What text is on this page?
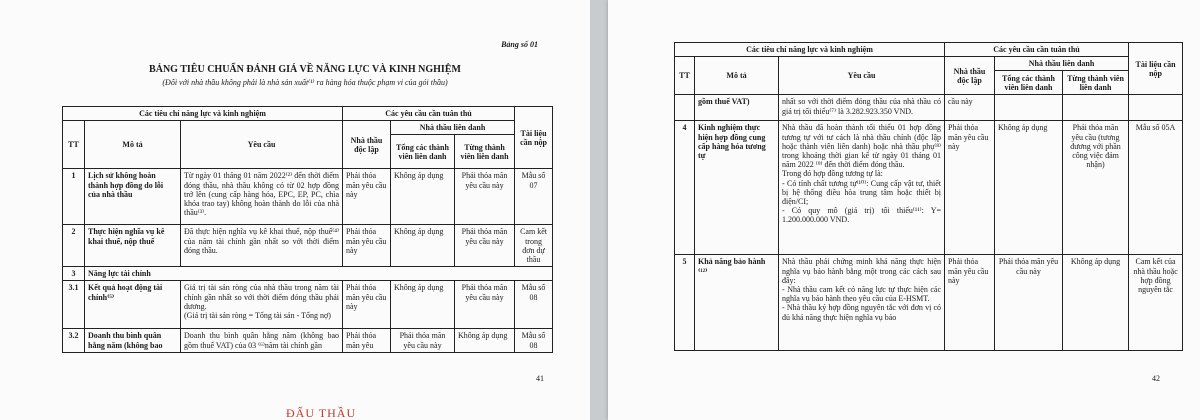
Bảng số 01
BẢNG TIÊU CHUẨN ĐÁNH GIÁ VỀ NĂNG LỰC VÀ KINH NGHIỆM
(Đối với nhà thầu không phải là nhà sản xuất⁽¹⁾ ra hàng hóa thuộc phạm vi của gói thầu)
Các tiêu chí năng lực và kinh nghiệm			Các yêu cầu cần tuân thủ			Tài liệu cần nộp
TT	Mô tả	Yêu cầu	Nhà thầu độc lập	Nhà thầu liên danh		
				Tổng các thành viên liên danh	Từng thành viên liên danh	
1	Lịch sử không hoàn thành hợp đồng do lỗi của nhà thầu	Từ ngày 01 tháng 01 năm 2022⁽²⁾ đến thời điểm đóng thầu, nhà thầu không có từ 02 hợp đồng trở lên (cung cấp hàng hóa, EPC, EP, PC, chìa khóa trao tay) không hoàn thành do lỗi của nhà thầu⁽³⁾.	Phải thỏa mãn yêu cầu này	Không áp dụng	Phải thỏa mãn yêu cầu này	Mẫu số 07
2	Thực hiện nghĩa vụ kê khai thuế, nộp thuế	Đã thực hiện nghĩa vụ kê khai thuế, nộp thuế⁽⁴⁾ của năm tài chính gần nhất so với thời điểm đóng thầu.	Phải thỏa mãn yêu cầu này	Không áp dụng	Phải thỏa mãn yêu cầu này	Cam kết trong đơn dự thầu
3	Năng lực tài chính					
3.1	Kết quả hoạt động tài chính⁽⁵⁾	Giá trị tài sản ròng của nhà thầu trong năm tài chính gần nhất so với thời điểm đóng thầu phải dương.
(Giá trị tài sản ròng = Tổng tài sản - Tổng nợ)	Phải thỏa mãn yêu cầu này	Không áp dụng	Phải thỏa mãn yêu cầu này	Mẫu số 08
3.2	Doanh thu bình quân hằng năm (không bao	Doanh thu bình quân hằng năm (không bao gồm thuế VAT) của 03 ⁽⁶⁾năm tài chính gần	Phải thỏa mãn yêu	Phải thỏa mãn yêu cầu này	Không áp dụng	Mẫu số 08
41
ĐẤU THẦU
Các tiêu chí năng lực và kinh nghiệm			Các yêu cầu cần tuân thủ			Tài liệu cần nộp
TT	Mô tả	Yêu cầu	Nhà thầu độc lập	Nhà thầu liên danh		
				Tổng các thành viên liên danh	Từng thành viên liên danh	
	gồm thuế VAT)	nhất so với thời điểm đóng thầu của nhà thầu có giá trị tối thiểu⁽⁷⁾ là 3.282.923.350 VND.	cầu này			
4	Kinh nghiệm thực hiện hợp đồng cung cấp hàng hóa tương tự	Nhà thầu đã hoàn thành tối thiểu 01 hợp đồng tương tự với tư cách là nhà thầu chính (độc lập hoặc thành viên liên danh) hoặc nhà thầu phụ⁽⁸⁾ trong khoảng thời gian kể từ ngày 01 tháng 01 năm 2022 ⁽⁹⁾ đến thời điểm đóng thầu.
Trong đó hợp đồng tương tự là:
- Có tính chất tương tự⁽¹⁰⁾: Cung cấp vật tư, thiết bị hệ thống điều hòa trung tâm hoặc thiết bị điện/CI;
- Có quy mô (giá trị) tối thiểu⁽¹¹⁾: Y= 1.200.000.000 VND.	Phải thỏa mãn yêu cầu này	Không áp dụng	Phải thỏa mãn yêu cầu (tương đương với phần công việc đảm nhận)	Mẫu số 05A
5	Khả năng bảo hành ⁽¹²⁾	Nhà thầu phải chứng minh khả năng thực hiện nghĩa vụ bảo hành bằng một trong các cách sau đây:
- Nhà thầu cam kết có năng lực tự thực hiện các nghĩa vụ bảo hành theo yêu cầu của E-HSMT.
- Nhà thầu ký hợp đồng nguyên tắc với đơn vị có đủ khả năng thực hiện nghĩa vụ bảo	Phải thỏa mãn yêu cầu này	Phải thỏa mãn yêu cầu này	Không áp dụng	Cam kết của nhà thầu hoặc hợp đồng nguyên tắc
42
